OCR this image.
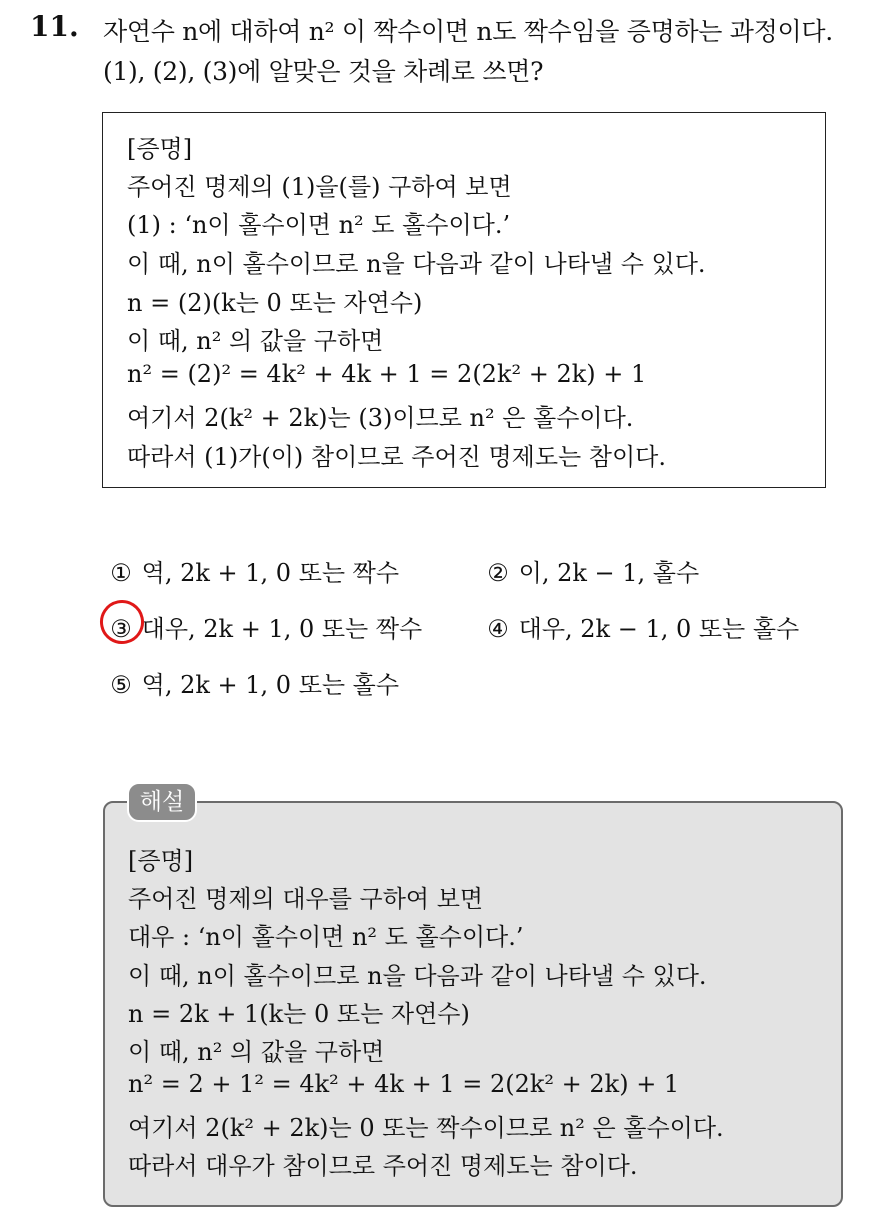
11. 자연수 n에 대하여 n² 이 짝수이면 n도 짝수임을 증명하는 과정이다.
(1), (2), (3)에 알맞은 것을 차례로 쓰면?
[증명]
주어진 명제의 (1)을(를) 구하여 보면
(1) : ‘n이 홀수이면 n² 도 홀수이다.’
이 때, n이 홀수이므로 n을 다음과 같이 나타낼 수 있다.
n = (2)(k는 0 또는 자연수)
이 때, n² 의 값을 구하면
n² = (2)² = 4k² + 4k + 1 = 2(2k² + 2k) + 1
여기서 2(k² + 2k)는 (3)이므로 n² 은 홀수이다.
따라서 (1)가(이) 참이므로 주어진 명제도는 참이다.
① 역, 2k + 1, 0 또는 짝수	② 이, 2k − 1, 홀수
③ 대우, 2k + 1, 0 또는 짝수	④ 대우, 2k − 1, 0 또는 홀수
⑤ 역, 2k + 1, 0 또는 홀수
[증명]
주어진 명제의 대우를 구하여 보면
대우 : ‘n이 홀수이면 n² 도 홀수이다.’
이 때, n이 홀수이므로 n을 다음과 같이 나타낼 수 있다.
n = 2k + 1(k는 0 또는 자연수)
이 때, n² 의 값을 구하면
n² = 2 + 1² = 4k² + 4k + 1 = 2(2k² + 2k) + 1
여기서 2(k² + 2k)는 0 또는 짝수이므로 n² 은 홀수이다.
따라서 대우가 참이므로 주어진 명제도는 참이다.
해설
